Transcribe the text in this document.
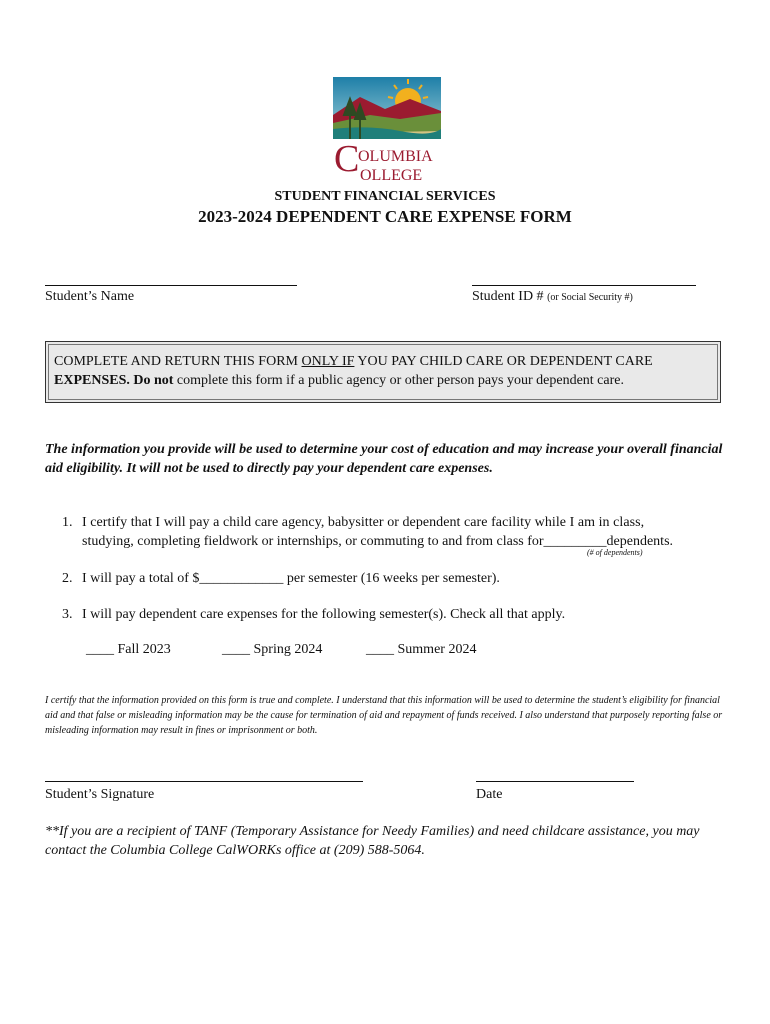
C
OLUMBIA
OLLEGE
STUDENT FINANCIAL SERVICES
2023-2024 DEPENDENT CARE EXPENSE FORM
Student’s Name	Student ID # (or Social Security #)
COMPLETE AND RETURN THIS FORM ONLY IF YOU PAY CHILD CARE OR DEPENDENT CARE
EXPENSES. Do not complete this form if a public agency or other person pays your dependent care.
The information you provide will be used to determine your cost of education and may increase your overall financial aid eligibility. It will not be used to directly pay your dependent care expenses.
1. I certify that I will pay a child care agency, babysitter or dependent care facility while I am in class,
studying, completing fieldwork or internships, or commuting to and from class for_________dependents.
(# of dependents)
2. I will pay a total of $____________ per semester (16 weeks per semester).
3. I will pay dependent care expenses for the following semester(s). Check all that apply.
____ Fall 2023	____ Spring 2024	____ Summer 2024
I certify that the information provided on this form is true and complete. I understand that this information will be used to determine the student’s eligibility for financial aid and that false or misleading information may be the cause for termination of aid and repayment of funds received. I also understand that purposely reporting false or misleading information may result in fines or imprisonment or both.
Student’s Signature	Date
**If you are a recipient of TANF (Temporary Assistance for Needy Families) and need childcare assistance, you may contact the Columbia College CalWORKs office at (209) 588-5064.
